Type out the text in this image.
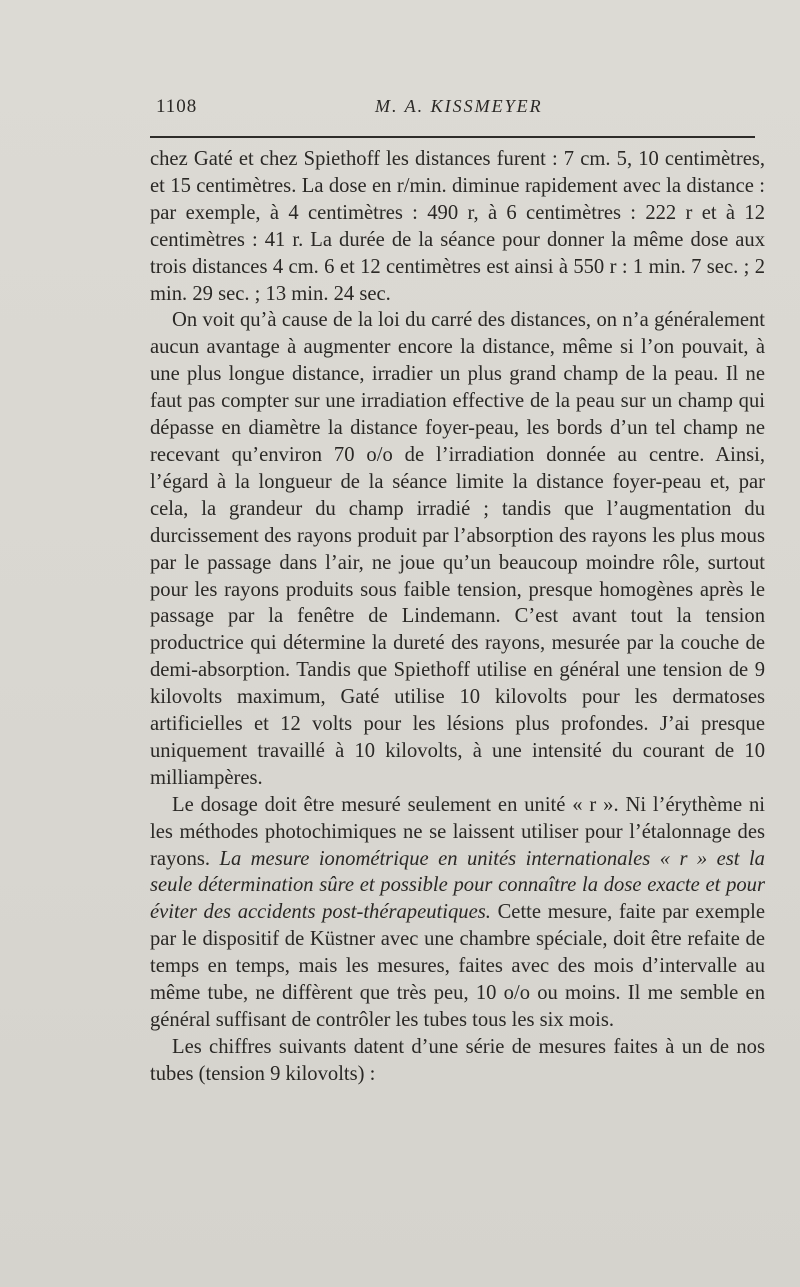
1108	M. A. KISSMEYER

chez Gaté et chez Spiethoff les distances furent : 7 cm. 5, 10 centimètres, et 15 centimètres. La dose en r/min. diminue rapidement avec la distance : par exemple, à 4 centimètres : 490 r, à 6 centimètres : 222 r et à 12 centimètres : 41 r. La durée de la séance pour donner la même dose aux trois distances 4 cm. 6 et 12 centimètres est ainsi à 550 r : 1 min. 7 sec. ; 2 min. 29 sec. ; 13 min. 24 sec.

On voit qu’à cause de la loi du carré des distances, on n’a généralement aucun avantage à augmenter encore la distance, même si l’on pouvait, à une plus longue distance, irradier un plus grand champ de la peau. Il ne faut pas compter sur une irradiation effective de la peau sur un champ qui dépasse en diamètre la distance foyer-peau, les bords d’un tel champ ne recevant qu’environ 70 o/o de l’irradiation donnée au centre. Ainsi, l’égard à la longueur de la séance limite la distance foyer-peau et, par cela, la grandeur du champ irradié ; tandis que l’augmentation du durcissement des rayons produit par l’absorption des rayons les plus mous par le passage dans l’air, ne joue qu’un beaucoup moindre rôle, surtout pour les rayons produits sous faible tension, presque homogènes après le passage par la fenêtre de Lindemann. C’est avant tout la tension productrice qui détermine la dureté des rayons, mesurée par la couche de demi-absorption. Tandis que Spiethoff utilise en général une tension de 9 kilovolts maximum, Gaté utilise 10 kilovolts pour les dermatoses artificielles et 12 volts pour les lésions plus profondes. J’ai presque uniquement travaillé à 10 kilovolts, à une intensité du courant de 10 milliampères.

Le dosage doit être mesuré seulement en unité « r ». Ni l’érythème ni les méthodes photochimiques ne se laissent utiliser pour l’étalonnage des rayons. La mesure ionométrique en unités internationales « r » est la seule détermination sûre et possible pour connaître la dose exacte et pour éviter des accidents post-thérapeutiques. Cette mesure, faite par exemple par le dispositif de Küstner avec une chambre spéciale, doit être refaite de temps en temps, mais les mesures, faites avec des mois d’intervalle au même tube, ne diffèrent que très peu, 10 o/o ou moins. Il me semble en général suffisant de contrôler les tubes tous les six mois.

Les chiffres suivants datent d’une série de mesures faites à un de nos tubes (tension 9 kilovolts) :
